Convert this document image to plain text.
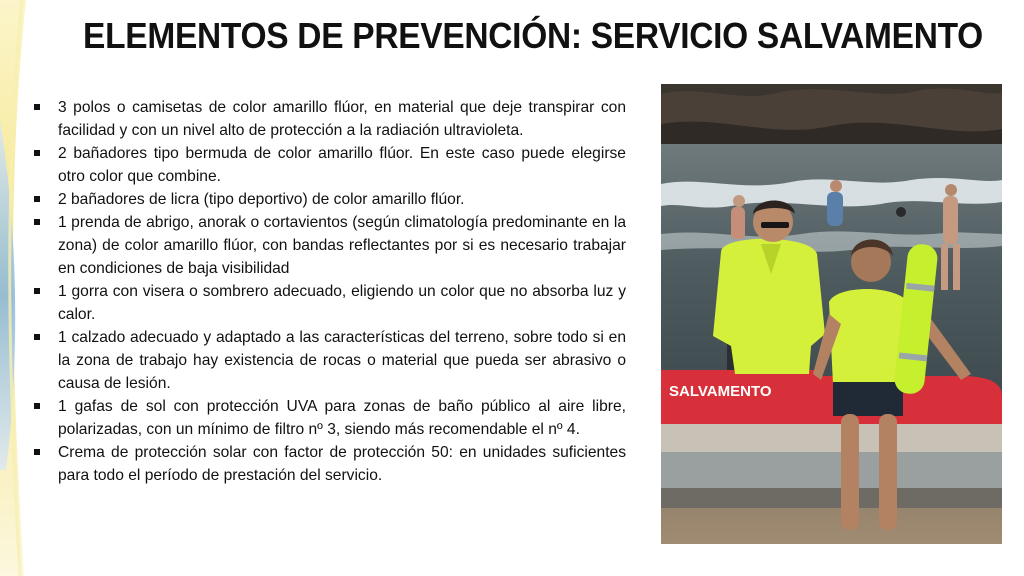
ELEMENTOS DE PREVENCIÓN: SERVICIO SALVAMENTO
3 polos o camisetas de color amarillo flúor, en material que deje transpirar con facilidad y con un nivel alto de protección a la radiación ultravioleta.
2 bañadores tipo bermuda de color amarillo flúor. En este caso puede elegirse otro color que combine.
2 bañadores de licra (tipo deportivo) de color amarillo flúor.
1 prenda de abrigo, anorak o cortavientos (según climatología predominante en la zona) de color amarillo flúor, con bandas reflectantes por si es necesario trabajar en condiciones de baja visibilidad
1 gorra con visera o sombrero adecuado, eligiendo un color que no absorba luz y calor.
1 calzado adecuado y adaptado a las características del terreno, sobre todo si en la zona de trabajo hay existencia de rocas o material que pueda ser abrasivo o causa de lesión.
1 gafas de sol con protección UVA para zonas de baño público al aire libre, polarizadas, con un mínimo de filtro nº 3, siendo más recomendable el nº 4.
Crema de protección solar con factor de protección 50: en unidades suficientes para todo el período de prestación del servicio.
SALVAMENTO
